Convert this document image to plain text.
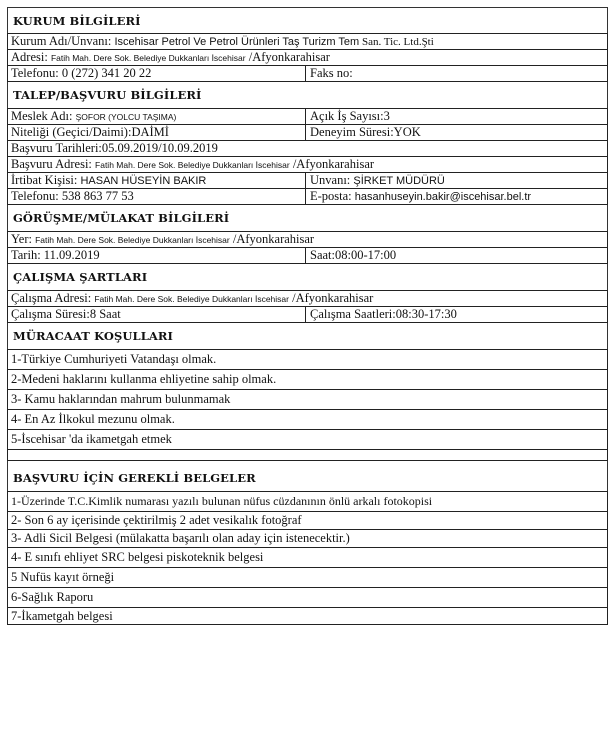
KURUM BİLGİLERİ
Kurum Adı/Unvanı: Iscehisar Petrol Ve Petrol Ürünleri Taş Turizm Tem San. Tic. Ltd.Şti
Adresi: Fatih Mah. Dere Sok. Belediye Dukkanları İscehisar /Afyonkarahisar
Telefonu: 0 (272) 341 20 22	Faks no:
TALEP/BAŞVURU BİLGİLERİ
Meslek Adı: ŞOFOR (YOLCU TAŞIMA)	Açık İş Sayısı:3
Niteliği (Geçici/Daimi):DAİMİ	Deneyim Süresi:YOK
Başvuru Tarihleri:05.09.2019/10.09.2019
Başvuru Adresi: Fatih Mah. Dere Sok. Belediye Dukkanları İscehisar /Afyonkarahisar
İrtibat Kişisi: HASAN HÜSEYİN BAKIR	Unvanı: ŞİRKET MÜDÜRÜ
Telefonu: 538 863 77 53	E-posta: hasanhuseyin.bakir@iscehisar.bel.tr
GÖRÜŞME/MÜLAKAT BİLGİLERİ
Yer: Fatih Mah. Dere Sok. Belediye Dukkanları İscehisar /Afyonkarahisar
Tarih: 11.09.2019	Saat:08:00-17:00
ÇALIŞMA ŞARTLARI
Çalışma Adresi: Fatih Mah. Dere Sok. Belediye Dukkanları İscehisar /Afyonkarahisar
Çalışma Süresi:8 Saat	Çalışma Saatleri:08:30-17:30
MÜRACAAT KOŞULLARI
1-Türkiye Cumhuriyeti Vatandaşı olmak.
2-Medeni haklarını kullanma ehliyetine sahip olmak.
3- Kamu haklarından mahrum bulunmamak
4- En Az İlkokul mezunu olmak.
5-İscehisar 'da ikametgah etmek
BAŞVURU İÇİN GEREKLİ BELGELER
1-Üzerinde T.C.Kimlik numarası yazılı bulunan nüfus cüzdanının önlü arkalı fotokopisi
2- Son 6 ay içerisinde çektirilmiş 2 adet vesikalık fotoğraf
3- Adli Sicil Belgesi (mülakatta başarılı olan aday için istenecektir.)
4- E sınıfı ehliyet SRC belgesi piskoteknik belgesi
5 Nufüs kayıt örneği
6-Sağlık Raporu
7-İkametgah belgesi
